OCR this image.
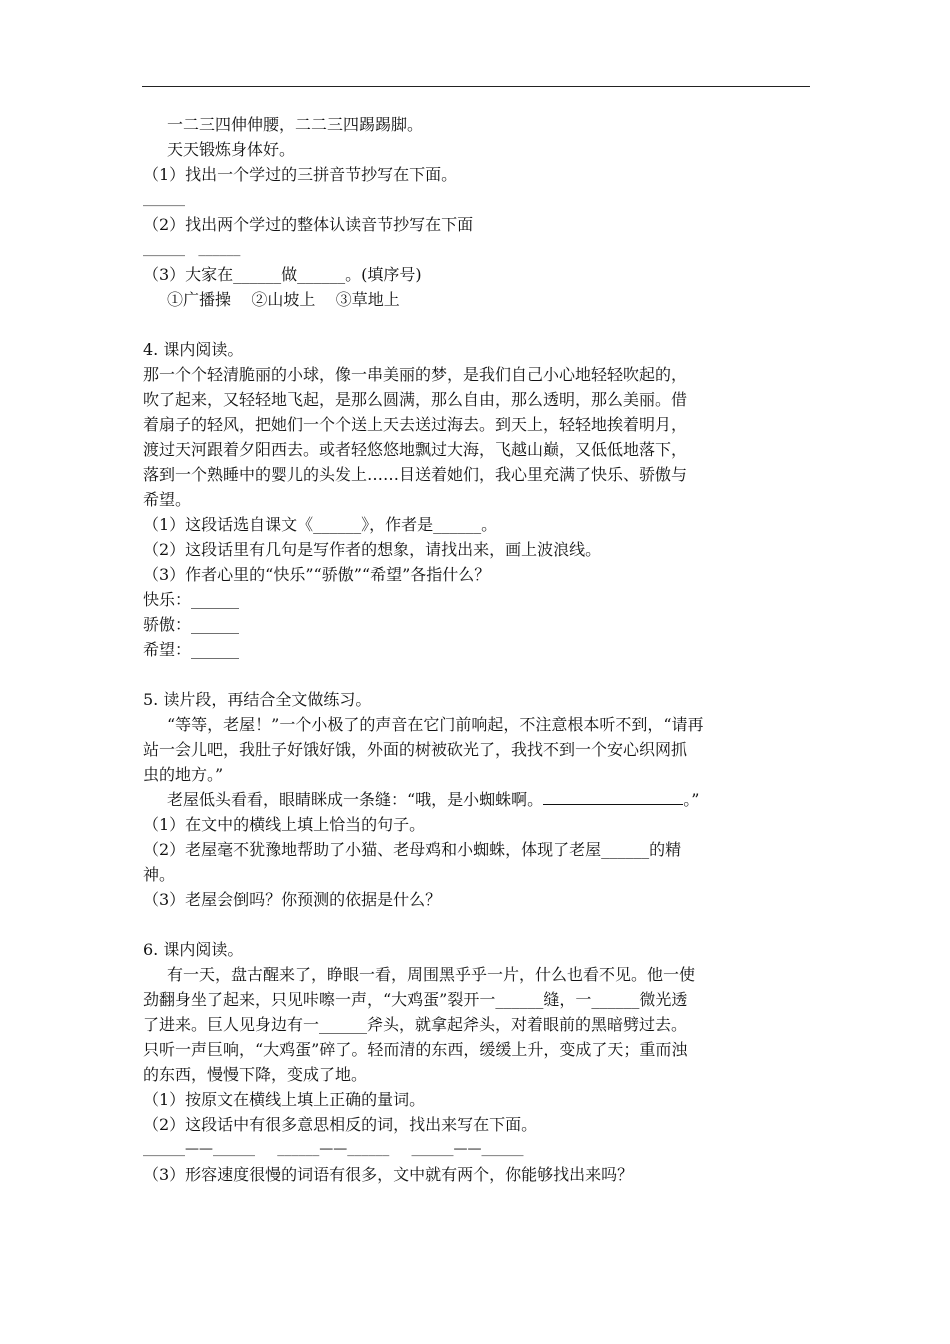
一二三四伸伸腰，二二三四踢踢脚。
天天锻炼身体好。
（1）找出一个学过的三拼音节抄写在下面。
______
（2）找出两个学过的整体认读音节抄写在下面
______   ______
（3）大家在______做______。(填序号)
①广播操    ②山坡上    ③草地上
4. 课内阅读。
那一个个轻清脆丽的小球，像一串美丽的梦，是我们自己小心地轻轻吹起的，
吹了起来，又轻轻地飞起，是那么圆满，那么自由，那么透明，那么美丽。借
着扇子的轻风，把她们一个个送上天去送过海去。到天上，轻轻地挨着明月，
渡过天河跟着夕阳西去。或者轻悠悠地飘过大海，飞越山巅，又低低地落下，
落到一个熟睡中的婴儿的头发上……目送着她们，我心里充满了快乐、骄傲与
希望。
（1）这段话选自课文《______》，作者是______。
（2）这段话里有几句是写作者的想象，请找出来，画上波浪线。
（3）作者心里的“快乐”“骄傲”“希望”各指什么？
快乐：______
骄傲：______
希望：______
5. 读片段，再结合全文做练习。
“等等，老屋！”一个小极了的声音在它门前响起，不注意根本听不到，“请再
站一会儿吧，我肚子好饿好饿，外面的树被砍光了，我找不到一个安心织网抓
虫的地方。”
老屋低头看看，眼睛眯成一条缝：“哦，是小蜘蛛啊。	。”
（1）在文中的横线上填上恰当的句子。
（2）老屋毫不犹豫地帮助了小猫、老母鸡和小蜘蛛，体现了老屋______的精
神。
（3）老屋会倒吗？你预测的依据是什么？
6. 课内阅读。
有一天，盘古醒来了，睁眼一看，周围黑乎乎一片，什么也看不见。他一使
劲翻身坐了起来，只见咔嚓一声，“大鸡蛋”裂开一______缝，一______微光透
了进来。巨人见身边有一______斧头，就拿起斧头，对着眼前的黑暗劈过去。
只听一声巨响，“大鸡蛋”碎了。轻而清的东西，缓缓上升，变成了天；重而浊
的东西，慢慢下降，变成了地。
（1）按原文在横线上填上正确的量词。
（2）这段话中有很多意思相反的词，找出来写在下面。
______——______     ______——______     ______——______
（3）形容速度很慢的词语有很多，文中就有两个，你能够找出来吗？
